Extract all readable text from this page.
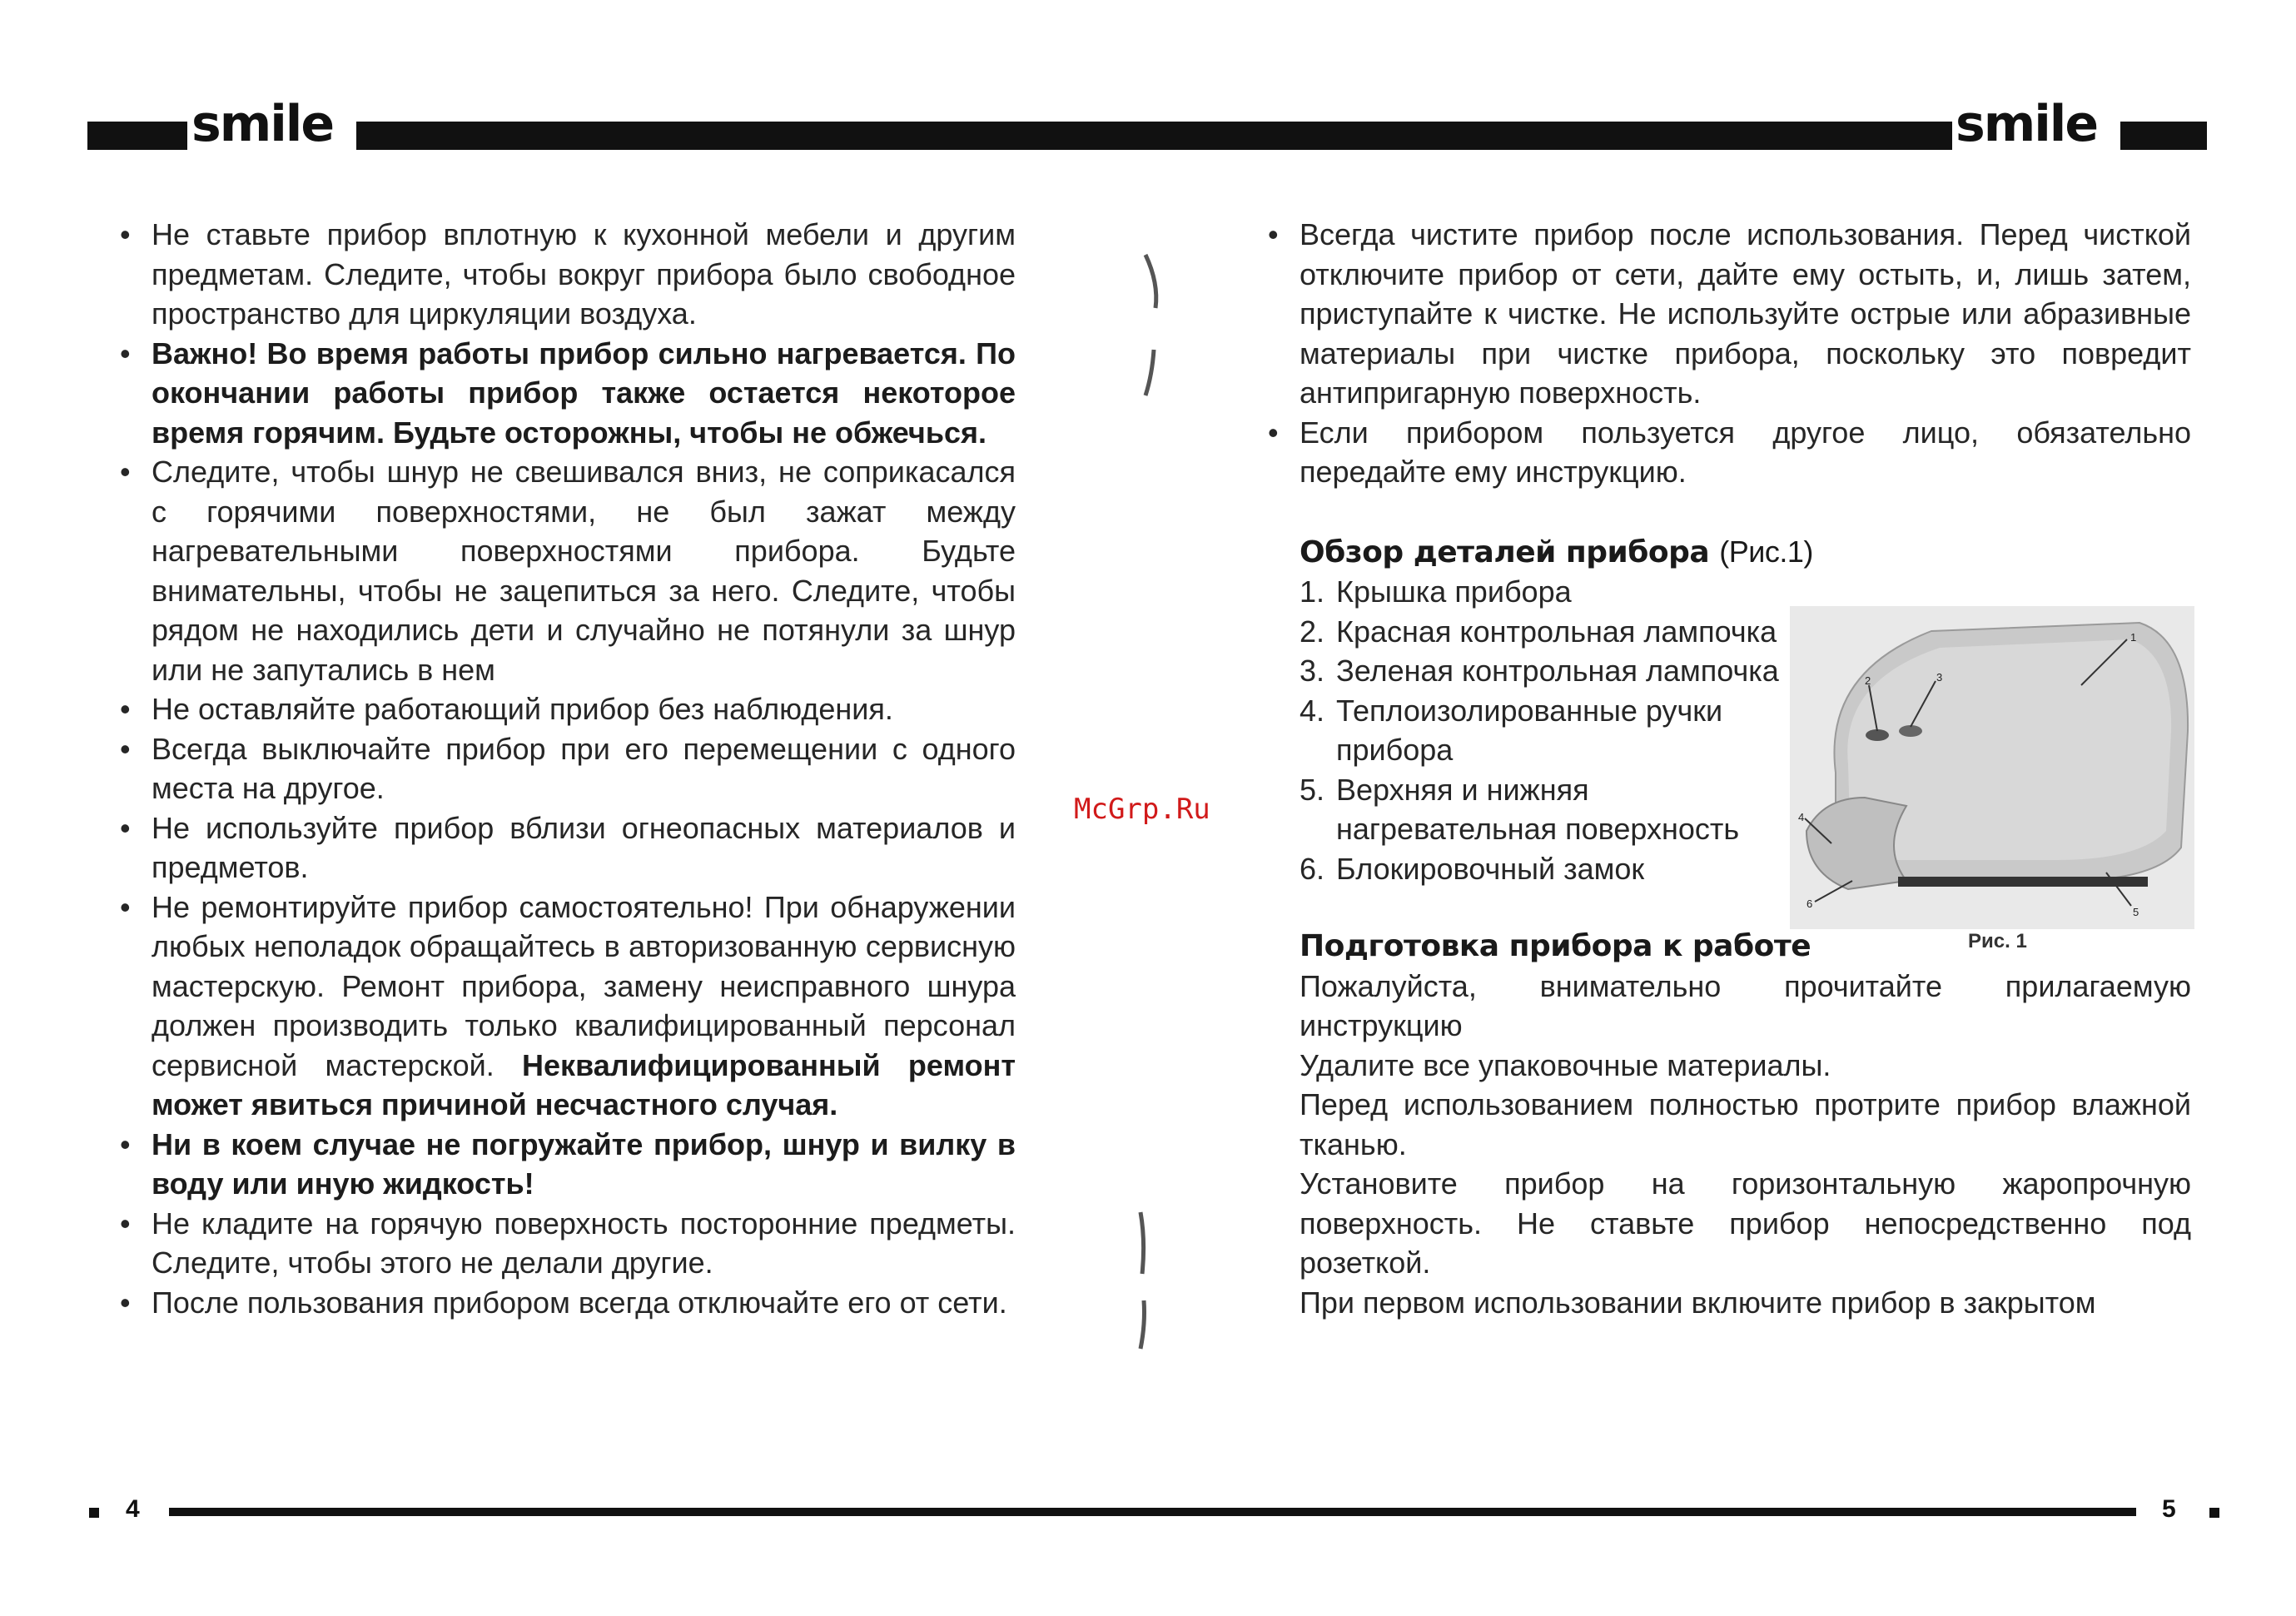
smile
• Не ставьте прибор вплотную к кухонной мебели и другим предметам. Следите, чтобы вокруг прибора было свободное пространство для циркуляции воздуха.
• Важно! Во время работы прибор сильно нагревается. По окончании работы прибор также остается некоторое время горячим. Будьте осторожны, чтобы не обжечься.
• Следите, чтобы шнур не свешивался вниз, не соприкасался с горячими поверхностями, не был зажат между нагревательными поверхностями прибора. Будьте внимательны, чтобы не зацепиться за него. Следите, чтобы рядом не находились дети и случайно не потянули за шнур или не запутались в нем
• Не оставляйте работающий прибор без наблюдения.
• Всегда выключайте прибор при его перемещении с одного места на другое.
• Не используйте прибор вблизи огнеопасных материалов и предметов.
• Не ремонтируйте прибор самостоятельно! При обнаружении любых неполадок обращайтесь в авторизованную сервисную мастерскую. Ремонт прибора, замену неисправного шнура должен производить только квалифицированный персонал сервисной мастерской. Неквалифицированный ремонт может явиться причиной несчастного случая.
• Ни в коем случае не погружайте прибор, шнур и вилку в воду или иную жидкость!
• Не кладите на горячую поверхность посторонние предметы. Следите, чтобы этого не делали другие.
• После пользования прибором всегда отключайте его от сети.
4
smile
5
• Всегда чистите прибор после использования. Перед чисткой отключите прибор от сети, дайте ему остыть, и, лишь затем, приступайте к чистке. Не используйте острые или абразивные материалы при чистке прибора, поскольку это повредит антипригарную поверхность.
• Если прибором пользуется другое лицо, обязательно передайте ему инструкцию.
Обзор деталей прибора (Рис.1)
1. Крышка прибора
2. Красная контрольная лампочка
3. Зеленая контрольная лампочка
4. Теплоизолированные ручки прибора
5. Верхняя и нижняя нагревательная поверхность
6. Блокировочный замок
Подготовка прибора к работе

Пожалуйста, внимательно прочитайте прилагаемую инструкцию

Удалите все упаковочные материалы.

Перед использованием полностью протрите прибор влажной тканью.

Установите прибор на горизонтальную жаропрочную поверхность. Не ставьте прибор непосредственно под розеткой.

При первом использовании включите прибор в закрытом

1
2	3
4
5
6
Рис. 1
McGrp.Ru
